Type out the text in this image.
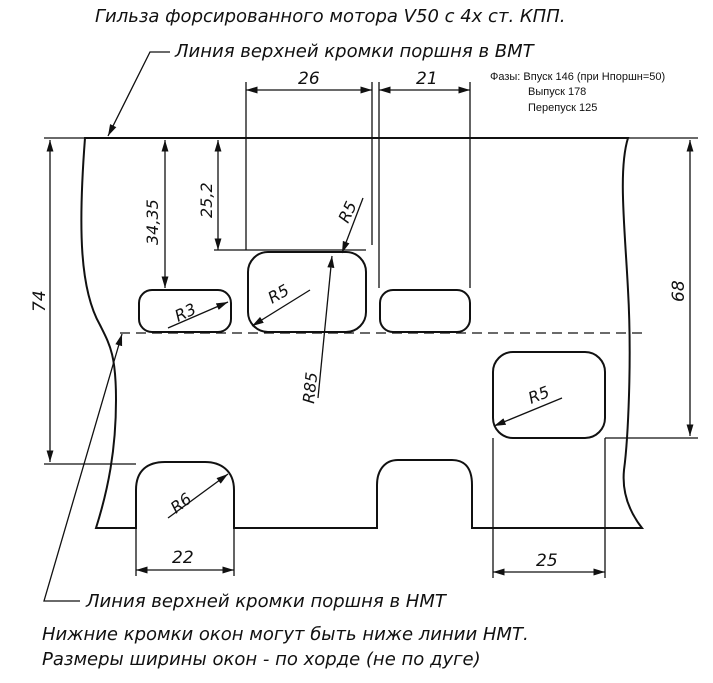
Гильза форсированного мотора V50 с 4х ст. КПП.
Линия верхней кромки поршня в ВМТ
Фазы: Впуск 146 (при Нпоршн=50)
Выпуск 178
Перепуск 125
26	21
34,35 25,2	R5
R3
R5
R85	R5
74	68
R6
22	25
Линия верхней кромки поршня в НМТ
Нижние кромки окон могут быть ниже линии НМТ.
Размеры ширины окон - по хорде (не по дуге)
